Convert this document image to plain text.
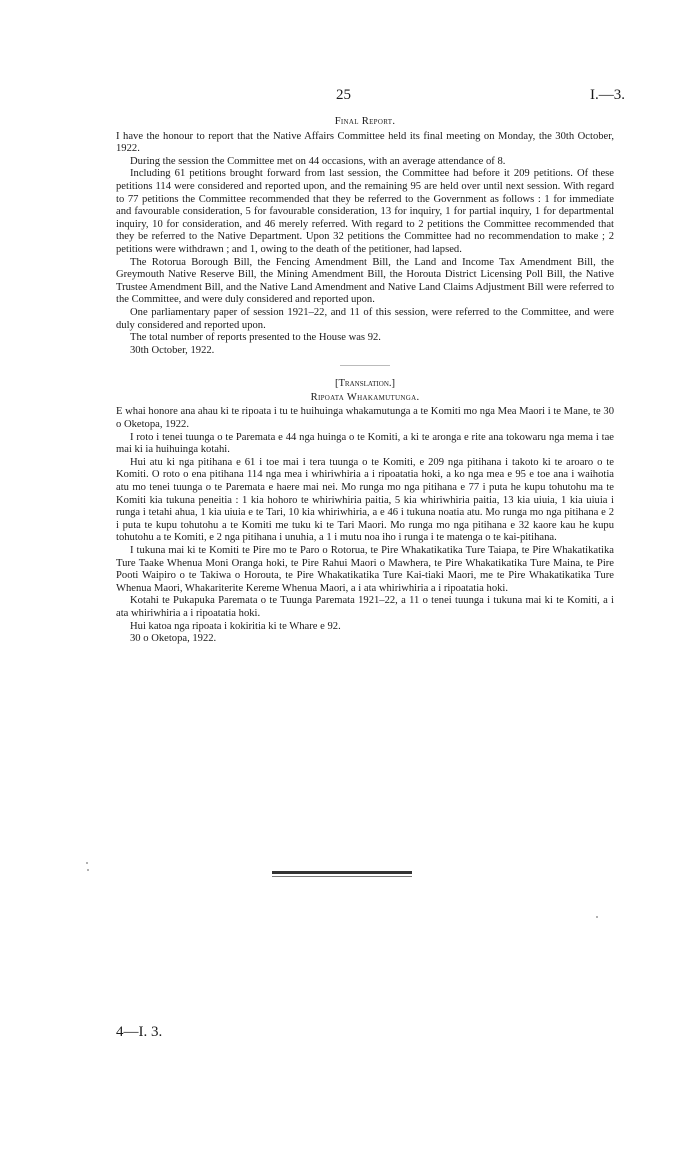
25	I.—3.
Final Report.

I have the honour to report that the Native Affairs Committee held its final meeting on Monday, the 30th October, 1922.

During the session the Committee met on 44 occasions, with an average attendance of 8.

Including 61 petitions brought forward from last session, the Committee had before it 209 petitions. Of these petitions 114 were considered and reported upon, and the remaining 95 are held over until next session. With regard to 77 petitions the Committee recommended that they be referred to the Government as follows : 1 for immediate and favourable consideration, 5 for favourable consideration, 13 for inquiry, 1 for partial inquiry, 1 for departmental inquiry, 10 for consideration, and 46 merely referred. With regard to 2 petitions the Committee recommended that they be referred to the Native Department. Upon 32 petitions the Committee had no recommendation to make ; 2 petitions were withdrawn ; and 1, owing to the death of the petitioner, had lapsed.

The Rotorua Borough Bill, the Fencing Amendment Bill, the Land and Income Tax Amendment Bill, the Greymouth Native Reserve Bill, the Mining Amendment Bill, the Horouta District Licensing Poll Bill, the Native Trustee Amendment Bill, and the Native Land Amendment and Native Land Claims Adjustment Bill were referred to the Committee, and were duly considered and reported upon.

One parliamentary paper of session 1921–22, and 11 of this session, were referred to the Committee, and were duly considered and reported upon.

The total number of reports presented to the House was 92.

30th October, 1922.

[Translation.]
Ripoata Whakamutunga.

E whai honore ana ahau ki te ripoata i tu te huihuinga whakamutunga a te Komiti mo nga Mea Maori i te Mane, te 30 o Oketopa, 1922.

I roto i tenei tuunga o te Paremata e 44 nga huinga o te Komiti, a ki te aronga e rite ana tokowaru nga mema i tae mai ki ia huihuinga kotahi.

Hui atu ki nga pitihana e 61 i toe mai i tera tuunga o te Komiti, e 209 nga pitihana i takoto ki te aroaro o te Komiti. O roto o ena pitihana 114 nga mea i whiriwhiria a i ripoatatia hoki, a ko nga mea e 95 e toe ana i waihotia atu mo tenei tuunga o te Paremata e haere mai nei. Mo runga mo nga pitihana e 77 i puta he kupu tohutohu ma te Komiti kia tukuna peneitia : 1 kia hohoro te whiriwhiria paitia, 5 kia whiriwhiria paitia, 13 kia uiuia, 1 kia uiuia i runga i tetahi ahua, 1 kia uiuia e te Tari, 10 kia whiriwhiria, a e 46 i tukuna noatia atu. Mo runga mo nga pitihana e 2 i puta te kupu tohutohu a te Komiti me tuku ki te Tari Maori. Mo runga mo nga pitihana e 32 kaore kau he kupu tohutohu a te Komiti, e 2 nga pitihana i unuhia, a 1 i mutu noa iho i runga i te matenga o te kai-pitihana.

I tukuna mai ki te Komiti te Pire mo te Paro o Rotorua, te Pire Whakatikatika Ture Taiapa, te Pire Whakatikatika Ture Taake Whenua Moni Oranga hoki, te Pire Rahui Maori o Mawhera, te Pire Whakatikatika Ture Maina, te Pire Pooti Waipiro o te Takiwa o Horouta, te Pire Whakatikatika Ture Kai-tiaki Maori, me te Pire Whakatikatika Ture Whenua Maori, Whakariterite Kereme Whenua Maori, a i ata whiriwhiria a i ripoatatia hoki.

Kotahi te Pukapuka Paremata o te Tuunga Paremata 1921–22, a 11 o tenei tuunga i tukuna mai ki te Komiti, a i ata whiriwhiria a i ripoatatia hoki.

Hui katoa nga ripoata i kokiritia ki te Whare e 92.

30 o Oketopa, 1922.

4—I. 3.
